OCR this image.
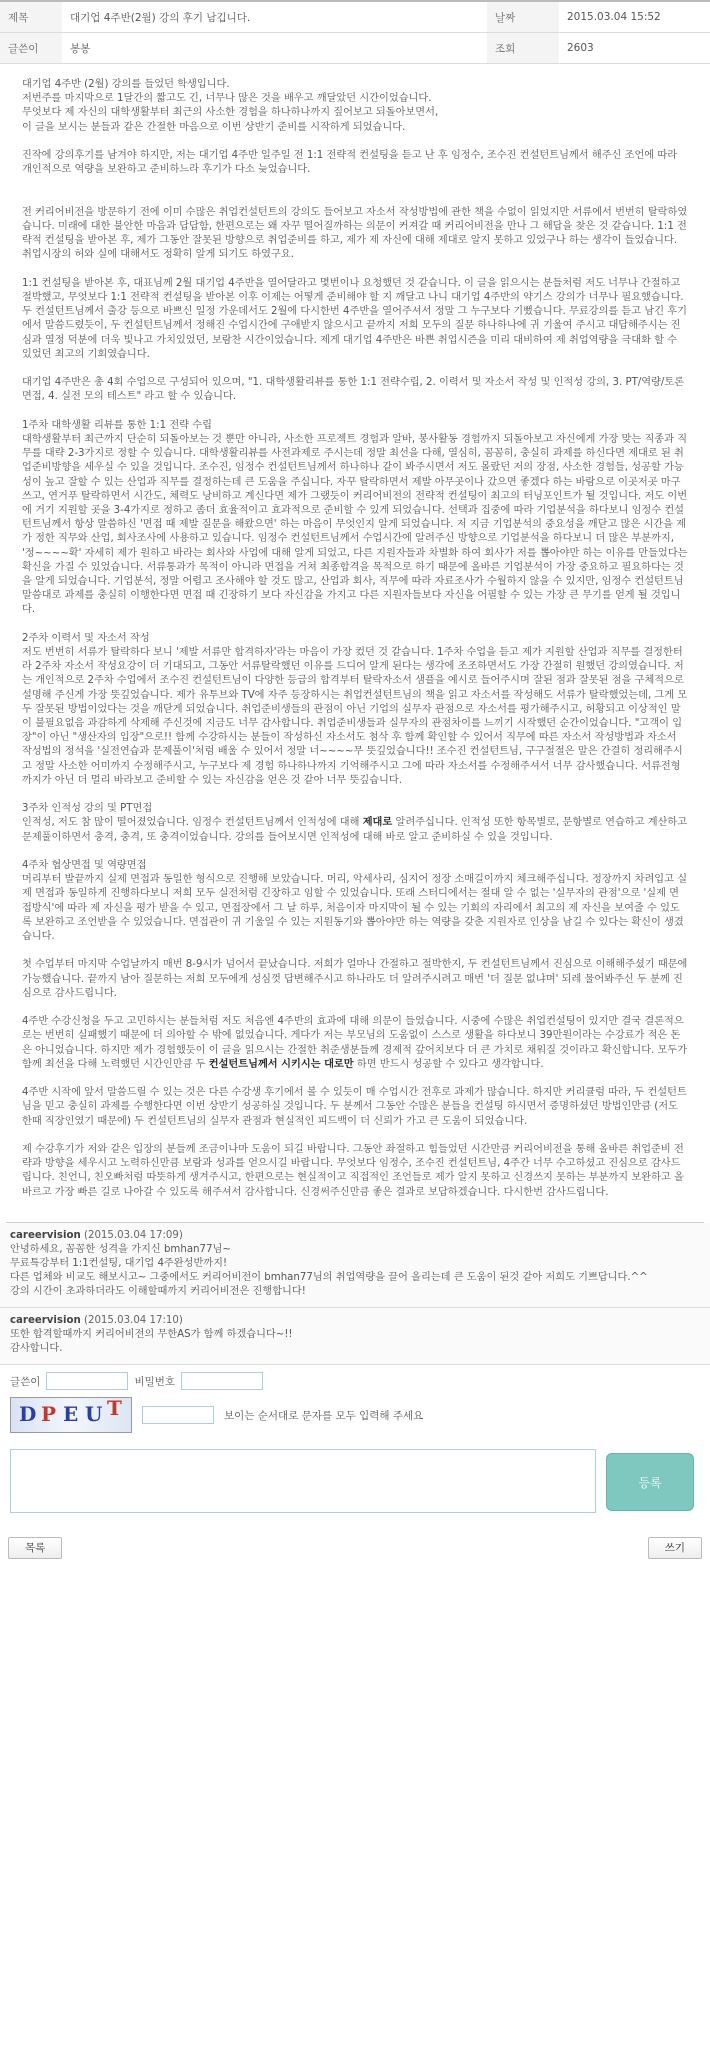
제목	대기업 4주반(2월) 강의 후기 남깁니다.	날짜	2015.03.04 15:52
글쓴이	봉봉	조회	2603

대기업 4주반 (2월) 강의를 들었던 학생입니다.
저번주를 마지막으로 1달간의 짧고도 긴, 너무나 많은 것을 배우고 깨달았던 시간이었습니다.
무엇보다 제 자신의 대학생활부터 최근의 사소한 경험을 하나하나까지 짚어보고 되돌아보면서,
이 글을 보시는 분들과 같은 간절한 마음으로 이번 상반기 준비를 시작하게 되었습니다.

진작에 강의후기를 남겨야 하지만, 저는 대기업 4주반 일주일 전 1:1 전략적 컨설팅을 듣고 난 후 임정수, 조수진 컨설턴트님께서 해주신 조언에 따라 개인적으로 역량을 보완하고 준비하느라 후기가 다소 늦었습니다.

전 커리어비전을 방문하기 전에 이미 수많은 취업컨설턴트의 강의도 들어보고 자소서 작성방법에 관한 책을 수없이 읽었지만 서류에서 번번히 탈락하였습니다. 미래에 대한 불안한 마음과 답답함, 한편으로는 왜 자꾸 떨어질까하는 의문이 커져갈 때 커리어비전을 만나 그 해답을 찾은 것 같습니다. 1:1 전략적 컨설팅을 받아본 후, 제가 그동안 잘못된 방향으로 취업준비를 하고, 제가 제 자신에 대해 제대로 알지 못하고 있었구나 하는 생각이 들었습니다. 취업시장의 허와 실에 대해서도 정확히 알게 되기도 하였구요.

1:1 컨설팅을 받아본 후, 대표님께 2월 대기업 4주반을 열어달라고 몇번이나 요청했던 것 같습니다. 이 글을 읽으시는 분들처럼 저도 너무나 간절하고 절박했고, 무엇보다 1:1 전략적 컨설팅을 받아본 이후 이제는 어떻게 준비해야 할 지 깨달고 나니 대기업 4주반의 약기스 강의가 너무나 필요했습니다. 두 컨설턴트님께서 출강 등으로 바쁘신 일정 가운데서도 2월에 다시한번 4주반을 열어주셔서 정말 그 누구보다 기뻤습니다. 무료강의를 듣고 남긴 후기에서 말씀드렸듯이, 두 컨설턴트님께서 정해진 수업시간에 구애받지 않으시고 끝까지 저희 모두의 질문 하나하나에 귀 기울여 주시고 대답해주시는 진심과 열정 덕분에 더욱 빛나고 가치있었던, 보람찬 시간이었습니다. 제게 대기업 4주반은 바쁜 취업시즌을 미리 대비하여 제 취업역량을 극대화 할 수 있었던 최고의 기회였습니다.

대기업 4주반은 총 4회 수업으로 구성되어 있으며, "1. 대학생활리뷰를 통한 1:1 전략수립, 2. 이력서 및 자소서 작성 및 인적성 강의, 3. PT/역량/토론 면접, 4. 실전 모의 테스트" 라고 할 수 있습니다.

1주차 대학생활 리뷰를 통한 1:1 전략 수립
대학생활부터 최근까지 단순히 되돌아보는 것 뿐만 아니라, 사소한 프로젝트 경험과 알바, 봉사활동 경험까지 되돌아보고 자신에게 가장 맞는 직종과 직무를 대략 2-3가지로 정할 수 있습니다. 대학생활리뷰를 사전과제로 주시는데 정말 최선을 다해, 열심히, 꼼꼼히, 충실히 과제를 하신다면 제대로 된 취업준비방향을 세우실 수 있을 것입니다. 조수진, 임정수 컨설턴트님께서 하나하나 같이 봐주시면서 저도 몰랐던 저의 장점, 사소한 경험들, 성공할 가능성이 높고 잘할 수 있는 산업과 직무를 결정하는데 큰 도움을 주십니다. 자꾸 탈락하면서 제발 아무곳이나 갔으면 좋겠다 하는 바람으로 이곳저곳 마구 쓰고, 연거푸 탈락하면서 시간도, 체력도 낭비하고 계신다면 제가 그랬듯이 커리어비전의 전략적 컨설팅이 최고의 터닝포인트가 될 것입니다. 저도 이번에 거기 지원할 곳을 3-4가지로 정하고 좀더 효율적이고 효과적으로 준비할 수 있게 되었습니다. 선택과 집중에 따라 기업분석을 하다보니 임정수 컨설턴트님께서 항상 말씀하신 '면접 때 제발 질문을 해왔으면' 하는 마음이 무엇인지 알게 되었습니다. 저 지금 기업분석의 중요성을 깨닫고 많은 시간을 제가 정한 직무와 산업, 회사조사에 사용하고 있습니다. 임정수 컨설턴트님께서 수업시간에 알려주신 방향으로 기업분석을 하다보니 더 많은 부분까지, '정~~~~확' 자세히 제가 원하고 바라는 회사와 사업에 대해 알게 되었고, 다른 지원자들과 차별화 하여 회사가 저를 뽑아야만 하는 이유를 만들었다는 확신을 가질 수 있었습니다. 서류통과가 목적이 아니라 면접을 거쳐 최종합격을 목적으로 하기 때문에 올바른 기업분석이 가장 중요하고 필요하다는 것을 알게 되었습니다. 기업분석, 정말 어렵고 조사해야 할 것도 많고, 산업과 회사, 직무에 따라 자료조사가 수월하지 않을 수 있지만, 임정수 컨설턴트님 말씀대로 과제를 충실히 이행한다면 면접 때 긴장하기 보다 자신감을 가지고 다른 지원자들보다 자신을 어필할 수 있는 가장 큰 무기를 얻게 될 것입니다.

2주차 이력서 및 자소서 작성
저도 번번히 서류가 탈락하다 보니 '제발 서류만 합격하자'라는 마음이 가장 컸던 것 같습니다. 1주차 수업을 듣고 제가 지원할 산업과 직무를 결정한터라 2주차 자소서 작성요강이 더 기대되고, 그동안 서류탈락했던 이유를 드디어 알게 된다는 생각에 조조하면서도 가장 간절히 원했던 강의였습니다. 저는 개인적으로 2주차 수업에서 조수진 컨설턴트님이 다양한 등급의 합격부터 탈락자소서 샘플을 예시로 들어주시며 잘된 점과 잘못된 점을 구체적으로 설명해 주신게 가장 뜻깊었습니다. 제가 유투브와 TV에 자주 등장하시는 취업컨설턴트님의 책을 읽고 자소서를 작성해도 서류가 탈락했었는데, 그게 모두 잘못된 방법이었다는 것을 깨닫게 되었습니다. 취업준비생들의 관점이 아닌 기업의 실무자 관점으로 자소서를 평가해주시고, 허황되고 이상적인 말이 불필요없음 과감하게 삭제해 주신것에 지금도 너무 감사합니다. 취업준비생들과 실무자의 관점차이를 느끼기 시작했던 순간이었습니다. "고객이 입장"이 아닌 "생산자의 입장"으로!! 함께 수강하시는 분들이 작성하신 자소서도 첨삭 후 함께 확인할 수 있어서 직무에 따른 자소서 작성방법과 자소서 작성법의 정석을 '실전연습과 문제풀이'처럼 배울 수 있어서 정말 너~~~~무 뜻깊었습니다!! 조수진 컨설턴트님, 구구절절은 말은 간결히 정리해주시고 정말 사소한 어미까지 수정해주시고, 누구보다 제 경험 하나하나까지 기억해주시고 그에 따라 자소서를 수정해주셔서 너무 감사했습니다. 서류전형까지가 아닌 더 멀리 바라보고 준비할 수 있는 자신감을 얻은 것 같아 너무 뜻깊습니다.

3주차 인적성 강의 및 PT면접
인적성, 저도 참 많이 떨어졌었습니다. 임정수 컨설턴트님께서 인적성에 대해 제대로 알려주십니다. 인적성 또한 항목별로, 문항별로 연습하고 계산하고 문제풀이하면서 충격, 충격, 또 충격이었습니다. 강의를 들어보시면 인적성에 대해 바로 알고 준비하실 수 있을 것입니다.

4주차 협상면접 및 역량면접
머리부터 발끝까지 실제 면접과 동일한 형식으로 진행해 보았습니다. 머리, 악세사리, 심지어 정장 소매길이까지 체크해주십니다. 정장까지 차려입고 실제 면접과 동일하게 진행하다보니 저희 모두 실전처럼 긴장하고 임할 수 있었습니다. 또래 스터디에서는 절대 알 수 없는 '실무자의 관점'으로 '실제 면접방식'에 따라 제 자신을 평가 받을 수 있고, 면접장에서 그 날 하루, 처음이자 마지막이 될 수 있는 기회의 자리에서 최고의 제 자신을 보여줄 수 있도록 보완하고 조언받을 수 있었습니다. 면접관이 귀 기울일 수 있는 지원동기와 뽑아야만 하는 역량을 갖춘 지원자로 인상을 남길 수 있다는 확신이 생겼습니다.

첫 수업부터 마지막 수업날까지 매번 8-9시가 넘어서 끝났습니다. 저희가 얼마나 간절하고 절박한지, 두 컨설턴트님께서 진심으로 이해해주셨기 때문에 가능했습니다. 끝까지 남아 질문하는 저희 모두에게 성심껏 답변해주시고 하나라도 더 알려주시려고 매번 '더 질문 없냐며' 되레 물어봐주신 두 분께 진심으로 감사드립니다.

4주반 수강신청을 두고 고민하시는 분들처럼 저도 처음엔 4주반의 효과에 대해 의문이 들었습니다. 시중에 수많은 취업컨설팅이 있지만 결국 결론적으로는 번번히 실패했기 때문에 더 의아할 수 밖에 없었습니다. 게다가 저는 부모님의 도움없이 스스로 생활을 하다보니 39만원이라는 수강료가 적은 돈은 아니었습니다. 하지만 제가 경험했듯이 이 글을 읽으시는 간절한 취준생분들께 경제적 갚어치보다 더 큰 가치로 채워질 것이라고 확신합니다. 모두가 함께 최선을 다해 노력했던 시간인만큼 두 컨설턴트님께서 시키시는 대로만 하면 반드시 성공할 수 있다고 생각합니다.

4주반 시작에 앞서 말씀드릴 수 있는 것은 다른 수강생 후기에서 볼 수 있듯이 매 수업시간 전후로 과제가 많습니다. 하지만 커리큘럼 따라, 두 컨설턴트님을 믿고 충실히 과제를 수행한다면 이번 상반기 성공하실 것입니다. 두 분께서 그동안 수많은 분들을 컨설팅 하시면서 증명하셨던 방법인만큼 (저도 한때 직장인였기 때문에) 두 컨설턴트님의 실무자 관점과 현실적인 피드백이 더 신뢰가 가고 큰 도움이 되었습니다.

제 수강후기가 저와 같은 입장의 분들께 조금이나마 도움이 되길 바랍니다. 그동안 좌절하고 힘들었던 시간만큼 커리어비전을 통해 올바른 취업준비 전략과 방향을 세우시고 노력하신만큼 보람과 성과를 얻으시길 바랍니다. 무엇보다 임정수, 조수진 컨설턴트님, 4주간 너무 수고하셨고 진심으로 감사드립니다. 친언니, 친오빠처럼 따뜻하게 생겨주시고, 한편으로는 현실적이고 직접적인 조언들로 제가 알지 못하고 신경쓰지 못하는 부분까지 보완하고 올바르고 가장 빠른 길로 나아갈 수 있도록 해주셔서 감사합니다. 신경써주신만큼 좋은 결과로 보답하겠습니다. 다시한번 감사드립니다.

careervision (2015.03.04 17:09)
안녕하세요, 꼼꼼한 성격을 가지신 bmhan77님~
무료특강부터 1:1컨설팅, 대기업 4주완성반까지!
다른 업체와 비교도 해보시고~ 그중에서도 커리어비전이 bmhan77님의 취업역량을 끌어 올리는데 큰 도움이 된것 같아 저희도 기쁘답니다.^^
강의 시간이 초과하더라도 이해할때까지 커리어비전은 진행합니다!
careervision (2015.03.04 17:10)
또한 합격할때까지 커리어비전의 무한AS가 함께 하겠습니다~!!
감사합니다.
글쓴이	비밀번호
D P E U T	보이는 순서대로 문자를 모두 입력해 주세요
등록
목록	쓰기
